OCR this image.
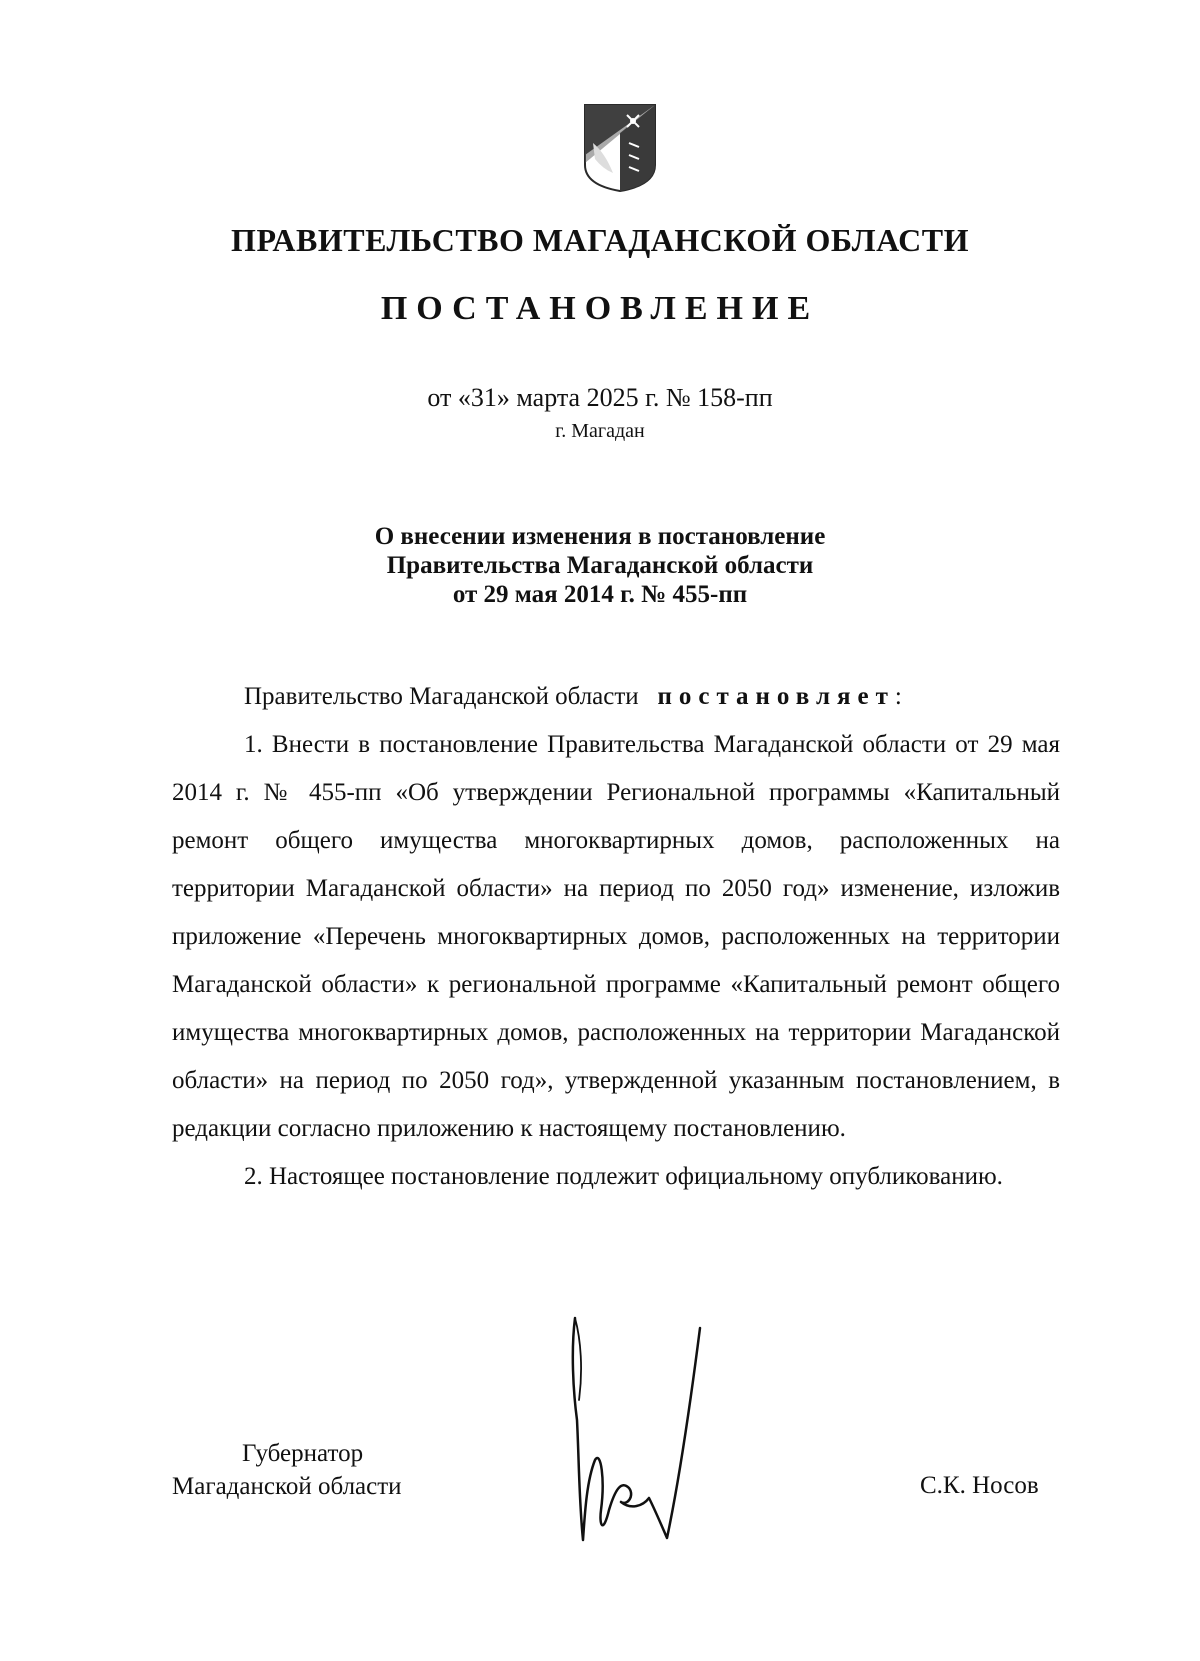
ПРАВИТЕЛЬСТВО МАГАДАНСКОЙ ОБЛАСТИ
ПОСТАНОВЛЕНИЕ
от «31» марта 2025 г. № 158-пп
г. Магадан
О внесении изменения в постановление
Правительства Магаданской области
от 29 мая 2014 г. № 455-пп

Правительство Магаданской области постановляет:

1. Внести в постановление Правительства Магаданской области от 29 мая 2014 г. № 455-пп «Об утверждении Региональной программы «Капитальный ремонт общего имущества многоквартирных домов, расположенных на территории Магаданской области» на период по 2050 год» изменение, изложив приложение «Перечень многоквартирных домов, расположенных на территории Магаданской области» к региональной программе «Капитальный ремонт общего имущества многоквартирных домов, расположенных на территории Магаданской области» на период по 2050 год», утвержденной указанным постановлением, в редакции согласно приложению к настоящему постановлению.

2. Настоящее постановление подлежит официальному опубликованию.

Губернатор
Магаданской области	С.К. Носов
